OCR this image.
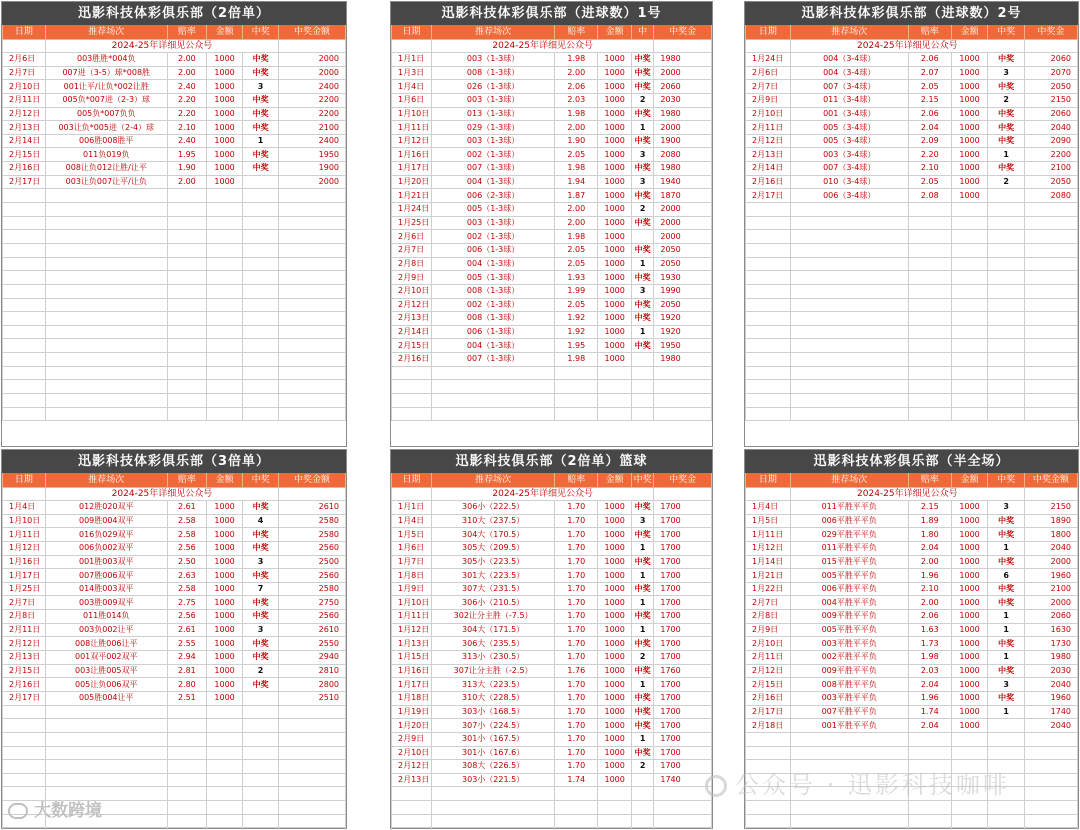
迅影科技体彩俱乐部（2倍单）					
日期	推荐场次	赔率	金额	中奖	中奖金额
	2024-25年详细见公众号				
2月6日	003胜胜*004负	2.00	1000	中奖	2000
2月7日	007进（3-5）球*008胜	2.00	1000	中奖	2000
2月10日	001让平/让负*002让胜	2.40	1000	3	2400
2月11日	005负*007进（2-3）球	2.20	1000	中奖	2200
2月12日	005负*007负负	2.20	1000	中奖	2200
2月13日	003让负*005进（2-4）球	2.10	1000	中奖	2100
2月14日	006胜008胜平	2.40	1000	1	2400
2月15日	011负019负	1.95	1000	中奖	1950
2月16日	008让负012让胜/让平	1.90	1000	中奖	1900
2月17日	003让负007让平/让负	2.00	1000		2000

迅影科技体彩俱乐部（进球数）1号					
日期	推荐场次	赔率	金额	中	中奖金
	2024-25年详细见公众号				
1月1日	003（1-3球）	1.98	1000	中奖	1980
1月3日	008（1-3球）	2.00	1000	中奖	2000
1月4日	026（1-3球）	2.06	1000	中奖	2060
1月6日	003（1-3球）	2.03	1000	2	2030
1月10日	013（1-3球）	1.98	1000	中奖	1980
1月11日	029（1-3球）	2.00	1000	1	2000
1月12日	003（1-3球）	1.90	1000	中奖	1900
1月16日	002（1-3球）	2.05	1000	3	2080
1月17日	007（1-3球）	1.98	1000	中奖	1980
1月20日	004（1-3球）	1.94	1000	3	1940
1月21日	006（2-3球）	1.87	1000	中奖	1870
1月24日	005（1-3球）	2.00	1000	2	2000
1月25日	003（1-3球）	2.00	1000	中奖	2000
2月6日	002（1-3球）	1.98	1000		2000
2月7日	006（1-3球）	2.05	1000	中奖	2050
2月8日	004（1-3球）	2.05	1000	1	2050
2月9日	005（1-3球）	1.93	1000	中奖	1930
2月10日	008（1-3球）	1.99	1000	3	1990
2月12日	002（1-3球）	2.05	1000	中奖	2050
2月13日	008（1-3球）	1.92	1000	中奖	1920
2月14日	006（1-3球）	1.92	1000	1	1920
2月15日	004（1-3球）	1.95	1000	中奖	1950
2月16日	007（1-3球）	1.98	1000		1980

迅影科技体彩俱乐部（进球数）2号					
日期	推荐场次	赔率	金额	中奖	中奖金
	2024-25年详细见公众号				
1月24日	004（3-4球）	2.06	1000	中奖	2060
2月6日	004（3-4球）	2.07	1000	3	2070
2月7日	007（3-4球）	2.05	1000	中奖	2050
2月9日	011（3-4球）	2.15	1000	2	2150
2月10日	001（3-4球）	2.06	1000	中奖	2060
2月11日	005（3-4球）	2.04	1000	中奖	2040
2月12日	005（3-4球）	2.09	1000	中奖	2090
2月13日	003（3-4球）	2.20	1000	1	2200
2月14日	007（3-4球）	2.10	1000	中奖	2100
2月16日	010（3-4球）	2.05	1000	2	2050
2月17日	006（3-4球）	2.08	1000		2080

迅影科技体彩俱乐部（3倍单）					
日期	推荐场次	赔率	金额	中奖	中奖金额
	2024-25年详细见公众号				
1月4日	012胜020双平	2.61	1000	中奖	2610
1月10日	009胜004双平	2.58	1000	4	2580
1月11日	016负029双平	2.58	1000	中奖	2580
1月12日	006负002双平	2.56	1000	中奖	2560
1月16日	001胜003双平	2.50	1000	3	2500
1月17日	007胜006双平	2.63	1000	中奖	2560
1月25日	014胜003双平	2.58	1000	7	2580
2月7日	003胜009双平	2.75	1000	中奖	2750
2月8日	011胜014负	2.56	1000	中奖	2560
2月11日	003负002让平	2.61	1000	3	2610
2月12日	008让胜006让平	2.55	1000	中奖	2550
2月13日	001双平002双平	2.94	1000	中奖	2940
2月15日	003让胜005双平	2.81	1000	2	2810
2月16日	005让负006双平	2.80	1000	中奖	2800
2月17日	005胜004让平	2.51	1000		2510

迅影科技俱乐部（2倍单）篮球					
日期	推荐场次	赔率	金额	中奖	中奖金
	2024-25年详细见公众号				
1月1日	306小（222.5）	1.70	1000	中奖	1700
1月4日	310大（237.5）	1.70	1000	3	1700
1月5日	304大（170.5）	1.70	1000	中奖	1700
1月6日	305大（209.5）	1.70	1000	1	1700
1月7日	305小（223.5）	1.70	1000	中奖	1700
1月8日	301大（223.5）	1.70	1000	1	1700
1月9日	307大（231.5）	1.70	1000	中奖	1700
1月10日	306小（210.5）	1.70	1000	1	1700
1月11日	302让分主胜（-7.5）	1.70	1000	中奖	1700
1月12日	304大（171.5）	1.70	1000	1	1700
1月13日	306大（235.5）	1.70	1000	中奖	1700
1月15日	313小（230.5）	1.70	1000	2	1700
1月16日	307让分主胜（-2.5）	1.76	1000	中奖	1760
1月17日	313大（223.5）	1.70	1000	1	1700
1月18日	310大（228.5）	1.70	1000	中奖	1700
1月19日	303小（168.5）	1.70	1000	中奖	1700
1月20日	307小（224.5）	1.70	1000	中奖	1700
2月9日	301小（167.5）	1.70	1000	1	1700
2月10日	301小（167.6）	1.70	1000	中奖	1700
2月12日	308大（226.5）	1.70	1000	2	1700
2月13日	303小（221.5）	1.74	1000		1740

迅影科技体彩俱乐部（半全场）					
日期	推荐场次	赔率	金额	中奖	中奖金额
	2024-25年详细见公众号				
1月4日	011平胜平平负	2.15	1000	3	2150
1月5日	006平胜平平负	1.89	1000	中奖	1890
1月11日	029平胜平平负	1.80	1000	中奖	1800
1月12日	011平胜平平负	2.04	1000	1	2040
1月14日	015平胜平平负	2.00	1000	中奖	2000
1月21日	005平胜平平负	1.96	1000	6	1960
1月22日	006平胜平平负	2.10	1000	中奖	2100
2月7日	004平胜平平负	2.00	1000	中奖	2000
2月8日	009平胜平平负	2.06	1000	1	2060
2月9日	005平胜平平负	1.63	1000	1	1630
2月10日	003平胜平平负	1.73	1000	中奖	1730
2月11日	002平胜平平负	1.98	1000	1	1980
2月12日	009平胜平平负	2.03	1000	中奖	2030
2月15日	008平胜平平负	2.04	1000	3	2040
2月16日	003平胜平平负	1.96	1000	中奖	1960
2月17日	007平胜平平负	1.74	1000	1	1740
2月18日	001平胜平平负	2.04	1000		2040

公众号 · 迅影科技咖啡
大数跨境
